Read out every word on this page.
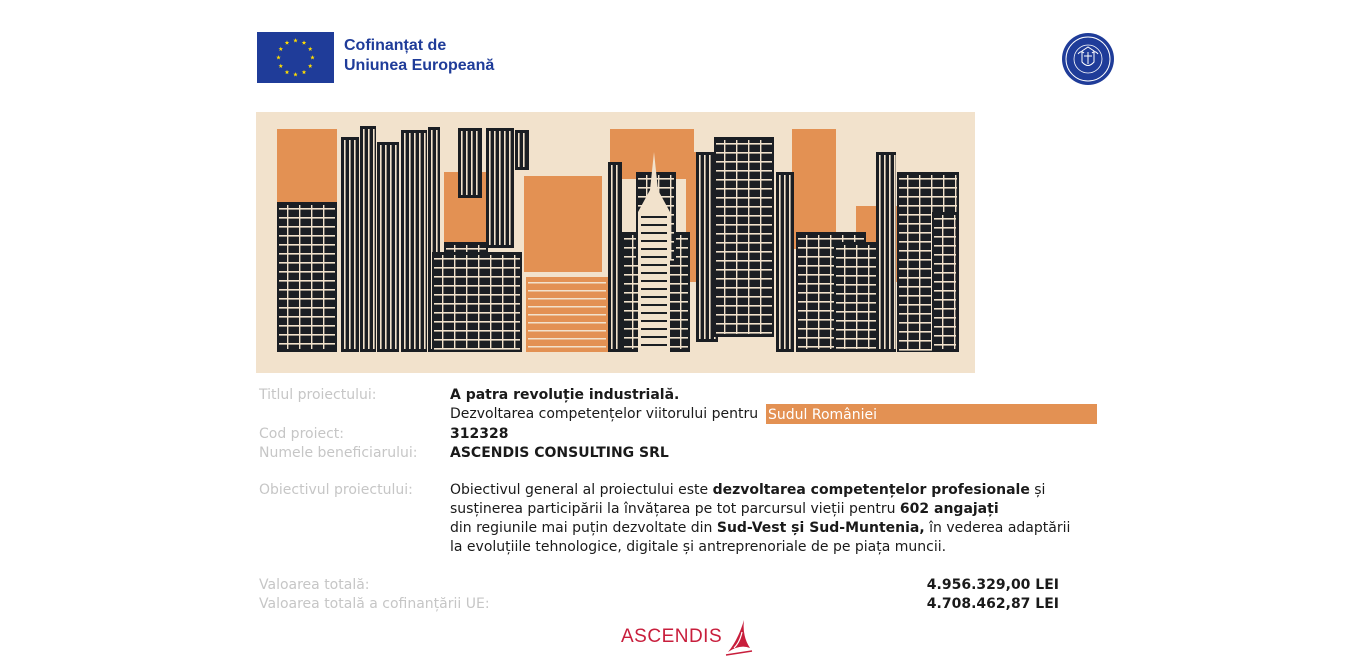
Cofinanțat de
Uniunea Europeană
Titlul proiectului:	A patra revoluție industrială.
Dezvoltarea competențelor viitorului pentru Sudul României
Cod proiect:	312328
Numele beneficiarului: ASCENDIS CONSULTING SRL
Obiectivul proiectului:	Obiectivul general al proiectului este dezvoltarea competențelor profesionale și
susținerea participării la învățarea pe tot parcursul vieții pentru 602 angajați
din regiunile mai puțin dezvoltate din Sud-Vest și Sud-Muntenia, în vederea adaptării
la evoluțiile tehnologice, digitale și antreprenoriale de pe piața muncii.
Valoarea totală:	4.956.329,00 LEI
Valoarea totală a cofinanțării UE:	4.708.462,87 LEI
ASCENDIS
